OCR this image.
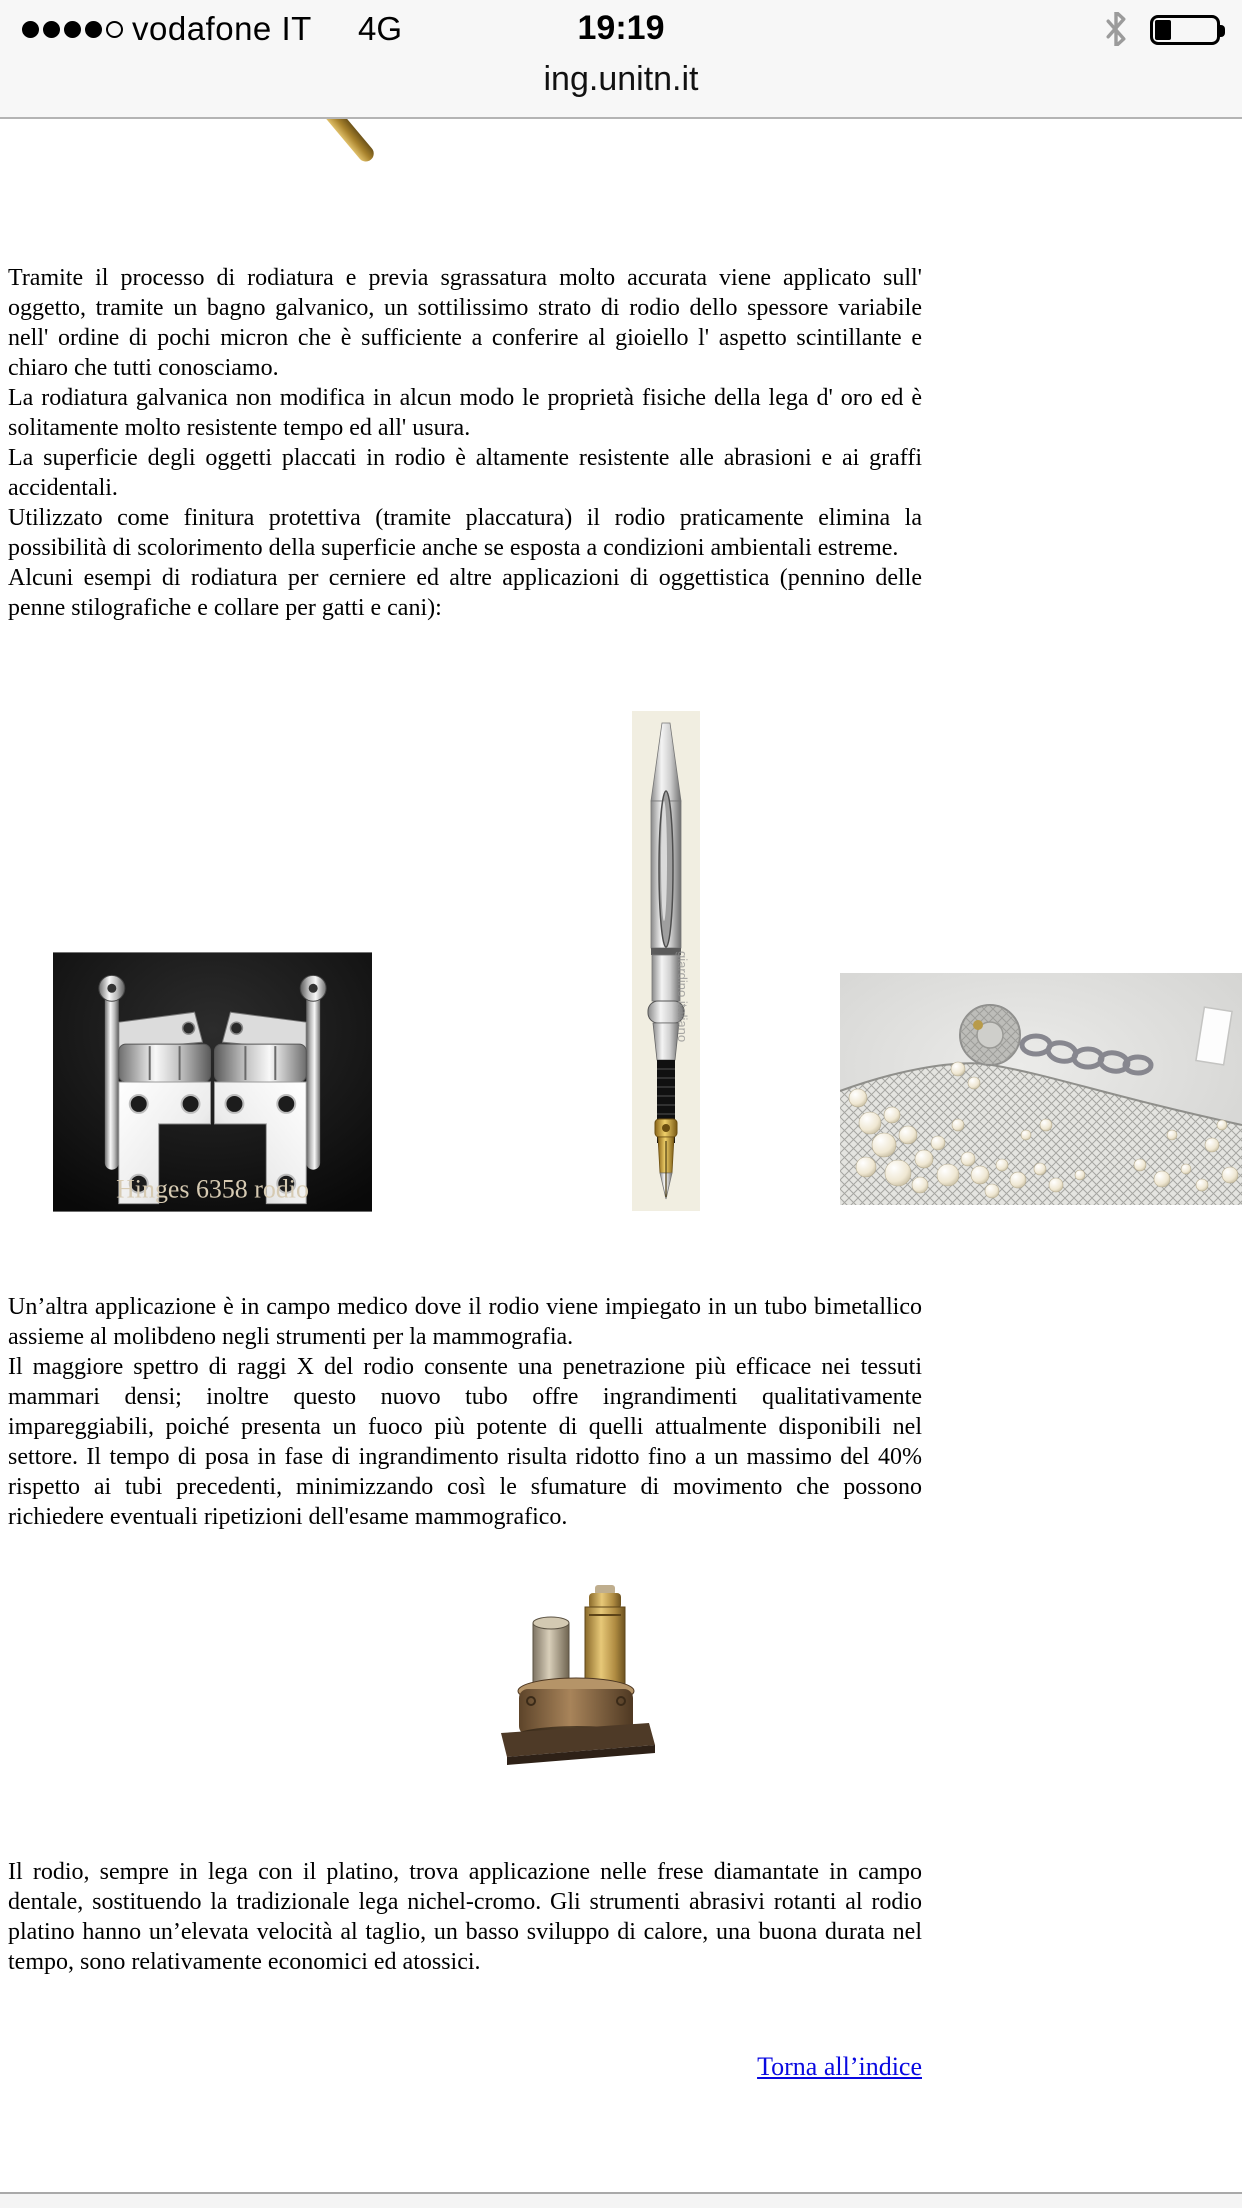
vodafone IT 4G	19:19
ing.unitn.it

Tramite il processo di rodiatura e previa sgrassatura molto accurata viene applicato sull' oggetto, tramite un bagno galvanico, un sottilissimo strato di rodio dello spessore variabile nell' ordine di pochi micron che è sufficiente a conferire al gioiello l' aspetto scintillante e chiaro che tutti conosciamo.

La rodiatura galvanica non modifica in alcun modo le proprietà fisiche della lega d' oro ed è solitamente molto resistente tempo ed all' usura.

La superficie degli oggetti placcati in rodio è altamente resistente alle abrasioni e ai graffi accidentali.

Utilizzato come finitura protettiva (tramite placcatura) il rodio praticamente elimina la possibilità di scolorimento della superficie anche se esposta a condizioni ambientali estreme.

Alcuni esempi di rodiatura per cerniere ed altre applicazioni di oggettistica (pennino delle penne stilografiche e collare per gatti e cani):

Hinges 6358 rodio
giardino italiano

Un’altra applicazione è in campo medico dove il rodio viene impiegato in un tubo bimetallico assieme al molibdeno negli strumenti per la mammografia.

Il maggiore spettro di raggi X del rodio consente una penetrazione più efficace nei tessuti mammari densi; inoltre questo nuovo tubo offre ingrandimenti qualitativamente impareggiabili, poiché presenta un fuoco più potente di quelli attualmente disponibili nel settore. Il tempo di posa in fase di ingrandimento risulta ridotto fino a un massimo del 40% rispetto ai tubi precedenti, minimizzando così le sfumature di movimento che possono richiedere eventuali ripetizioni dell'esame mammografico.

Il rodio, sempre in lega con il platino, trova applicazione nelle frese diamantate in campo dentale, sostituendo la tradizionale lega nichel-cromo. Gli strumenti abrasivi rotanti al rodio platino hanno un’elevata velocità al taglio, un basso sviluppo di calore, una buona durata nel tempo, sono relativamente economici ed atossici.

Torna all’indice
